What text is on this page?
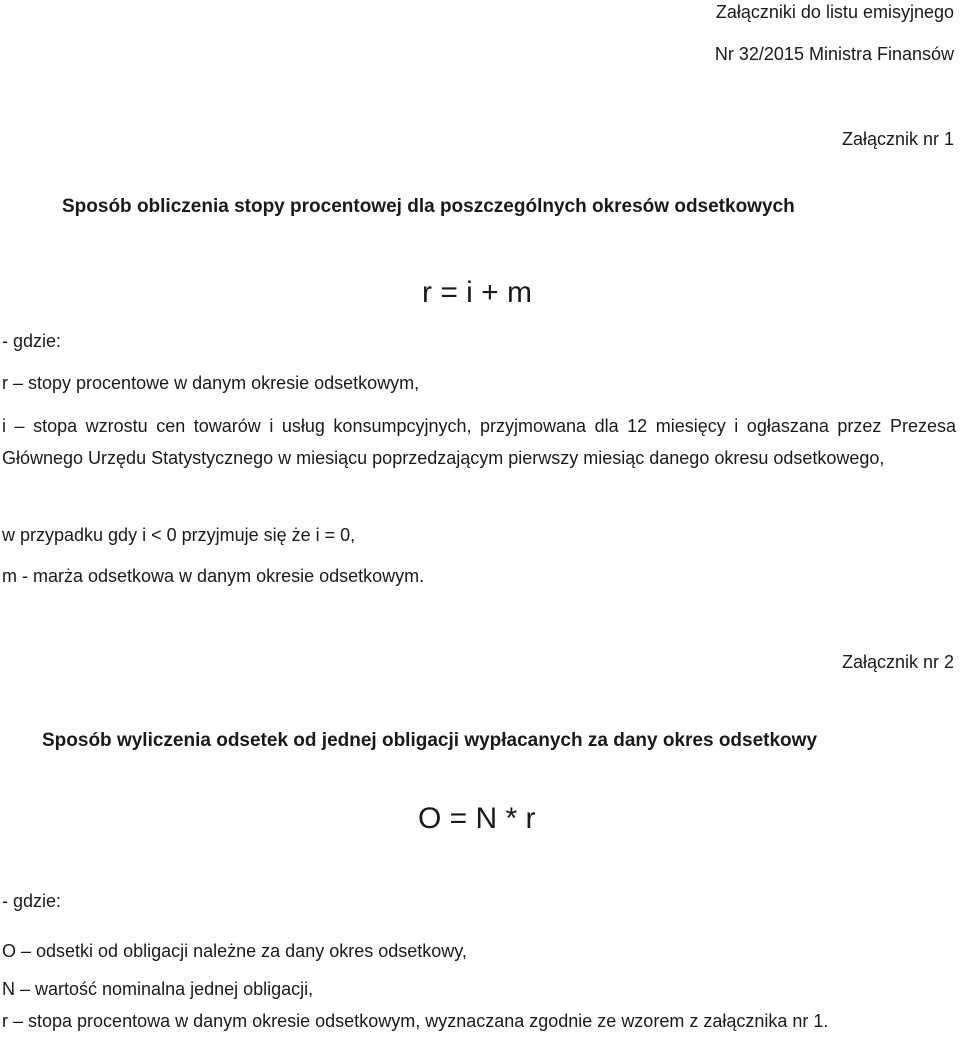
Załączniki do listu emisyjnego
Nr 32/2015 Ministra Finansów
Załącznik nr 1
Sposób obliczenia stopy procentowej dla poszczególnych okresów odsetkowych
r = i + m
- gdzie:
r – stopy procentowe w danym okresie odsetkowym,
i – stopa wzrostu cen towarów i usług konsumpcyjnych, przyjmowana dla 12 miesięcy i ogłaszana przez Prezesa Głównego Urzędu Statystycznego w miesiącu poprzedzającym pierwszy miesiąc danego okresu odsetkowego,
w przypadku gdy i < 0 przyjmuje się że i = 0,
m - marża odsetkowa w danym okresie odsetkowym.
Załącznik nr 2
Sposób wyliczenia odsetek od jednej obligacji wypłacanych za dany okres odsetkowy
O = N * r
- gdzie:
O – odsetki od obligacji należne za dany okres odsetkowy,
N – wartość nominalna jednej obligacji,
r – stopa procentowa w danym okresie odsetkowym, wyznaczana zgodnie ze wzorem z załącznika nr 1.
